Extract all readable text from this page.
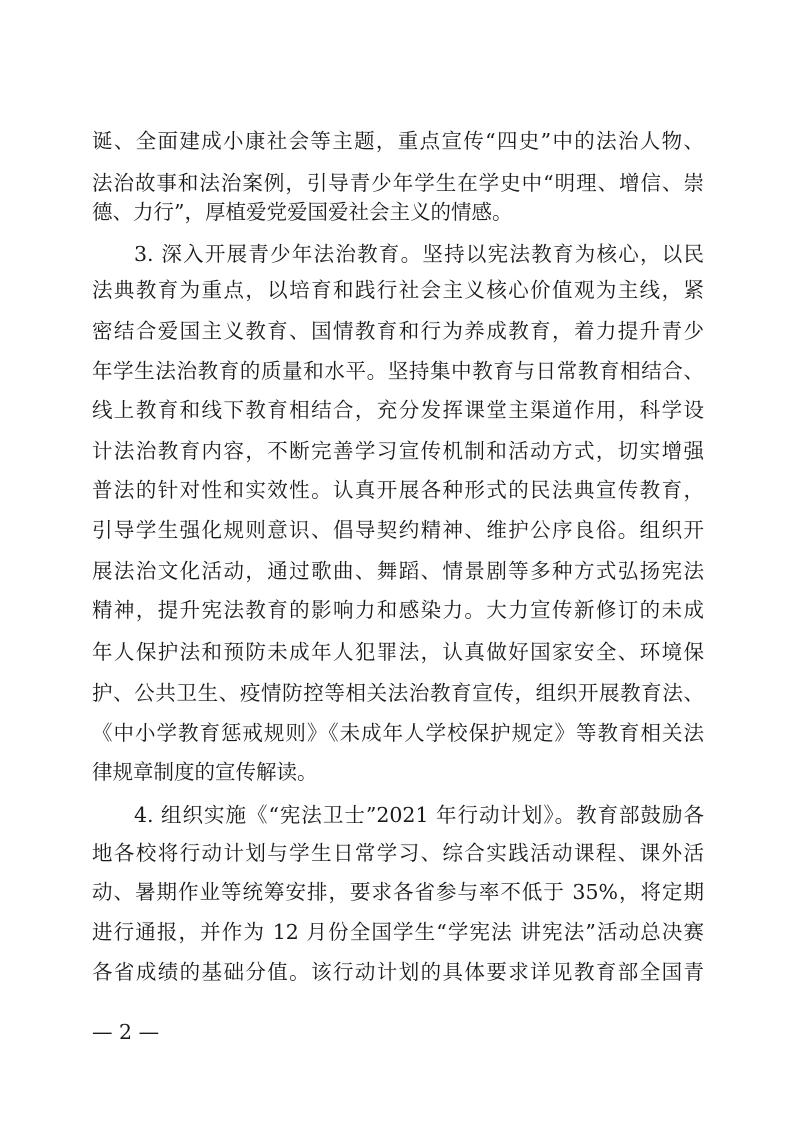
诞、全面建成小康社会等主题，重点宣传“四史”中的法治人物、
法治故事和法治案例，引导青少年学生在学史中“明理、增信、崇
德、力行”，厚植爱党爱国爱社会主义的情感。
3. 深入开展青少年法治教育。坚持以宪法教育为核心，以民
法典教育为重点，以培育和践行社会主义核心价值观为主线，紧
密结合爱国主义教育、国情教育和行为养成教育，着力提升青少
年学生法治教育的质量和水平。坚持集中教育与日常教育相结合、
线上教育和线下教育相结合，充分发挥课堂主渠道作用，科学设
计法治教育内容，不断完善学习宣传机制和活动方式，切实增强
普法的针对性和实效性。认真开展各种形式的民法典宣传教育，
引导学生强化规则意识、倡导契约精神、维护公序良俗。组织开
展法治文化活动，通过歌曲、舞蹈、情景剧等多种方式弘扬宪法
精神，提升宪法教育的影响力和感染力。大力宣传新修订的未成
年人保护法和预防未成年人犯罪法，认真做好国家安全、环境保
护、公共卫生、疫情防控等相关法治教育宣传，组织开展教育法、
《中小学教育惩戒规则》《未成年人学校保护规定》等教育相关法
律规章制度的宣传解读。
4. 组织实施《“宪法卫士”2021 年行动计划》。教育部鼓励各
地各校将行动计划与学生日常学习、综合实践活动课程、课外活
动、暑期作业等统筹安排，要求各省参与率不低于 35%，将定期
进行通报，并作为 12 月份全国学生“学宪法 讲宪法”活动总决赛
各省成绩的基础分值。该行动计划的具体要求详见教育部全国青
— 2 —
